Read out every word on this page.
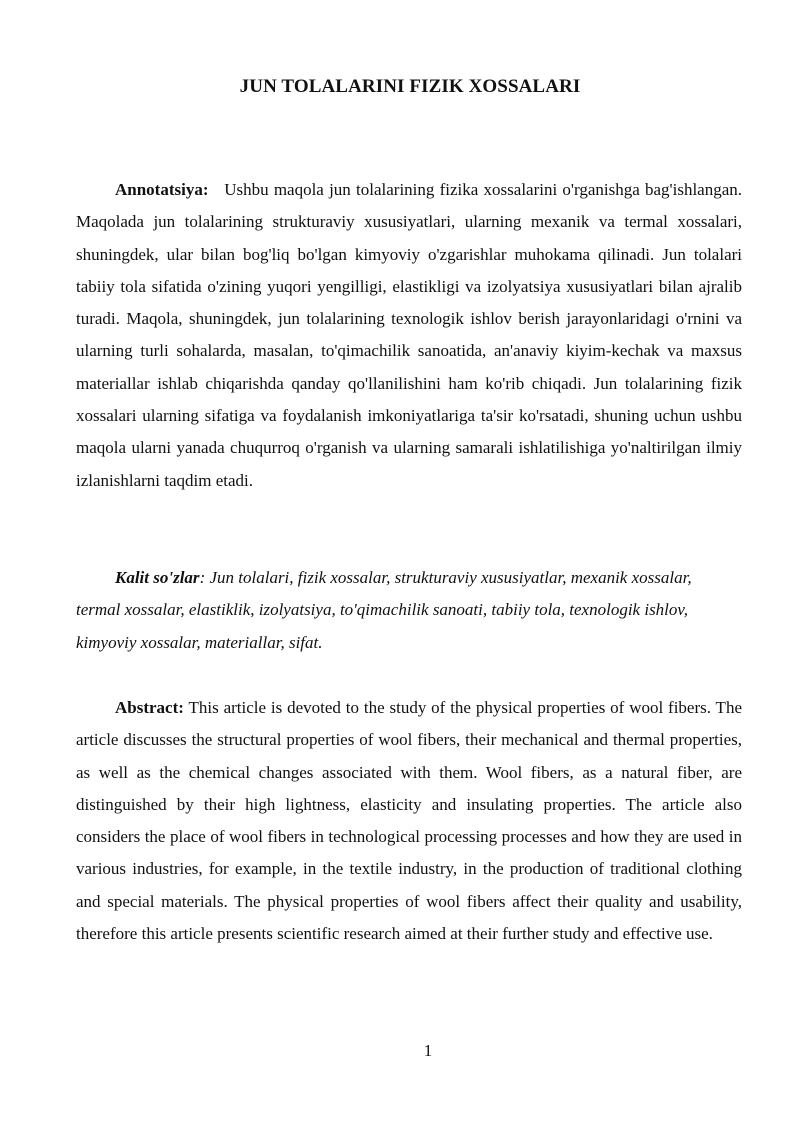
JUN TOLALARINI FIZIK XOSSALARI
Annotatsiya: Ushbu maqola jun tolalarining fizika xossalarini o'rganishga bag'ishlangan. Maqolada jun tolalarining strukturaviy xususiyatlari, ularning mexanik va termal xossalari, shuningdek, ular bilan bog'liq bo'lgan kimyoviy o'zgarishlar muhokama qilinadi. Jun tolalari tabiiy tola sifatida o'zining yuqori yengilligi, elastikligi va izolyatsiya xususiyatlari bilan ajralib turadi. Maqola, shuningdek, jun tolalarining texnologik ishlov berish jarayonlaridagi o'rnini va ularning turli sohalarda, masalan, to'qimachilik sanoatida, an'anaviy kiyim-kechak va maxsus materiallar ishlab chiqarishda qanday qo'llanilishini ham ko'rib chiqadi. Jun tolalarining fizik xossalari ularning sifatiga va foydalanish imkoniyatlariga ta'sir ko'rsatadi, shuning uchun ushbu maqola ularni yanada chuqurroq o'rganish va ularning samarali ishlatilishiga yo'naltirilgan ilmiy izlanishlarni taqdim etadi.
Kalit so'zlar: Jun tolalari, fizik xossalar, strukturaviy xususiyatlar, mexanik xossalar, termal xossalar, elastiklik, izolyatsiya, to'qimachilik sanoati, tabiiy tola, texnologik ishlov, kimyoviy xossalar, materiallar, sifat.
Abstract: This article is devoted to the study of the physical properties of wool fibers. The article discusses the structural properties of wool fibers, their mechanical and thermal properties, as well as the chemical changes associated with them. Wool fibers, as a natural fiber, are distinguished by their high lightness, elasticity and insulating properties. The article also considers the place of wool fibers in technological processing processes and how they are used in various industries, for example, in the textile industry, in the production of traditional clothing and special materials. The physical properties of wool fibers affect their quality and usability, therefore this article presents scientific research aimed at their further study and effective use.
1
